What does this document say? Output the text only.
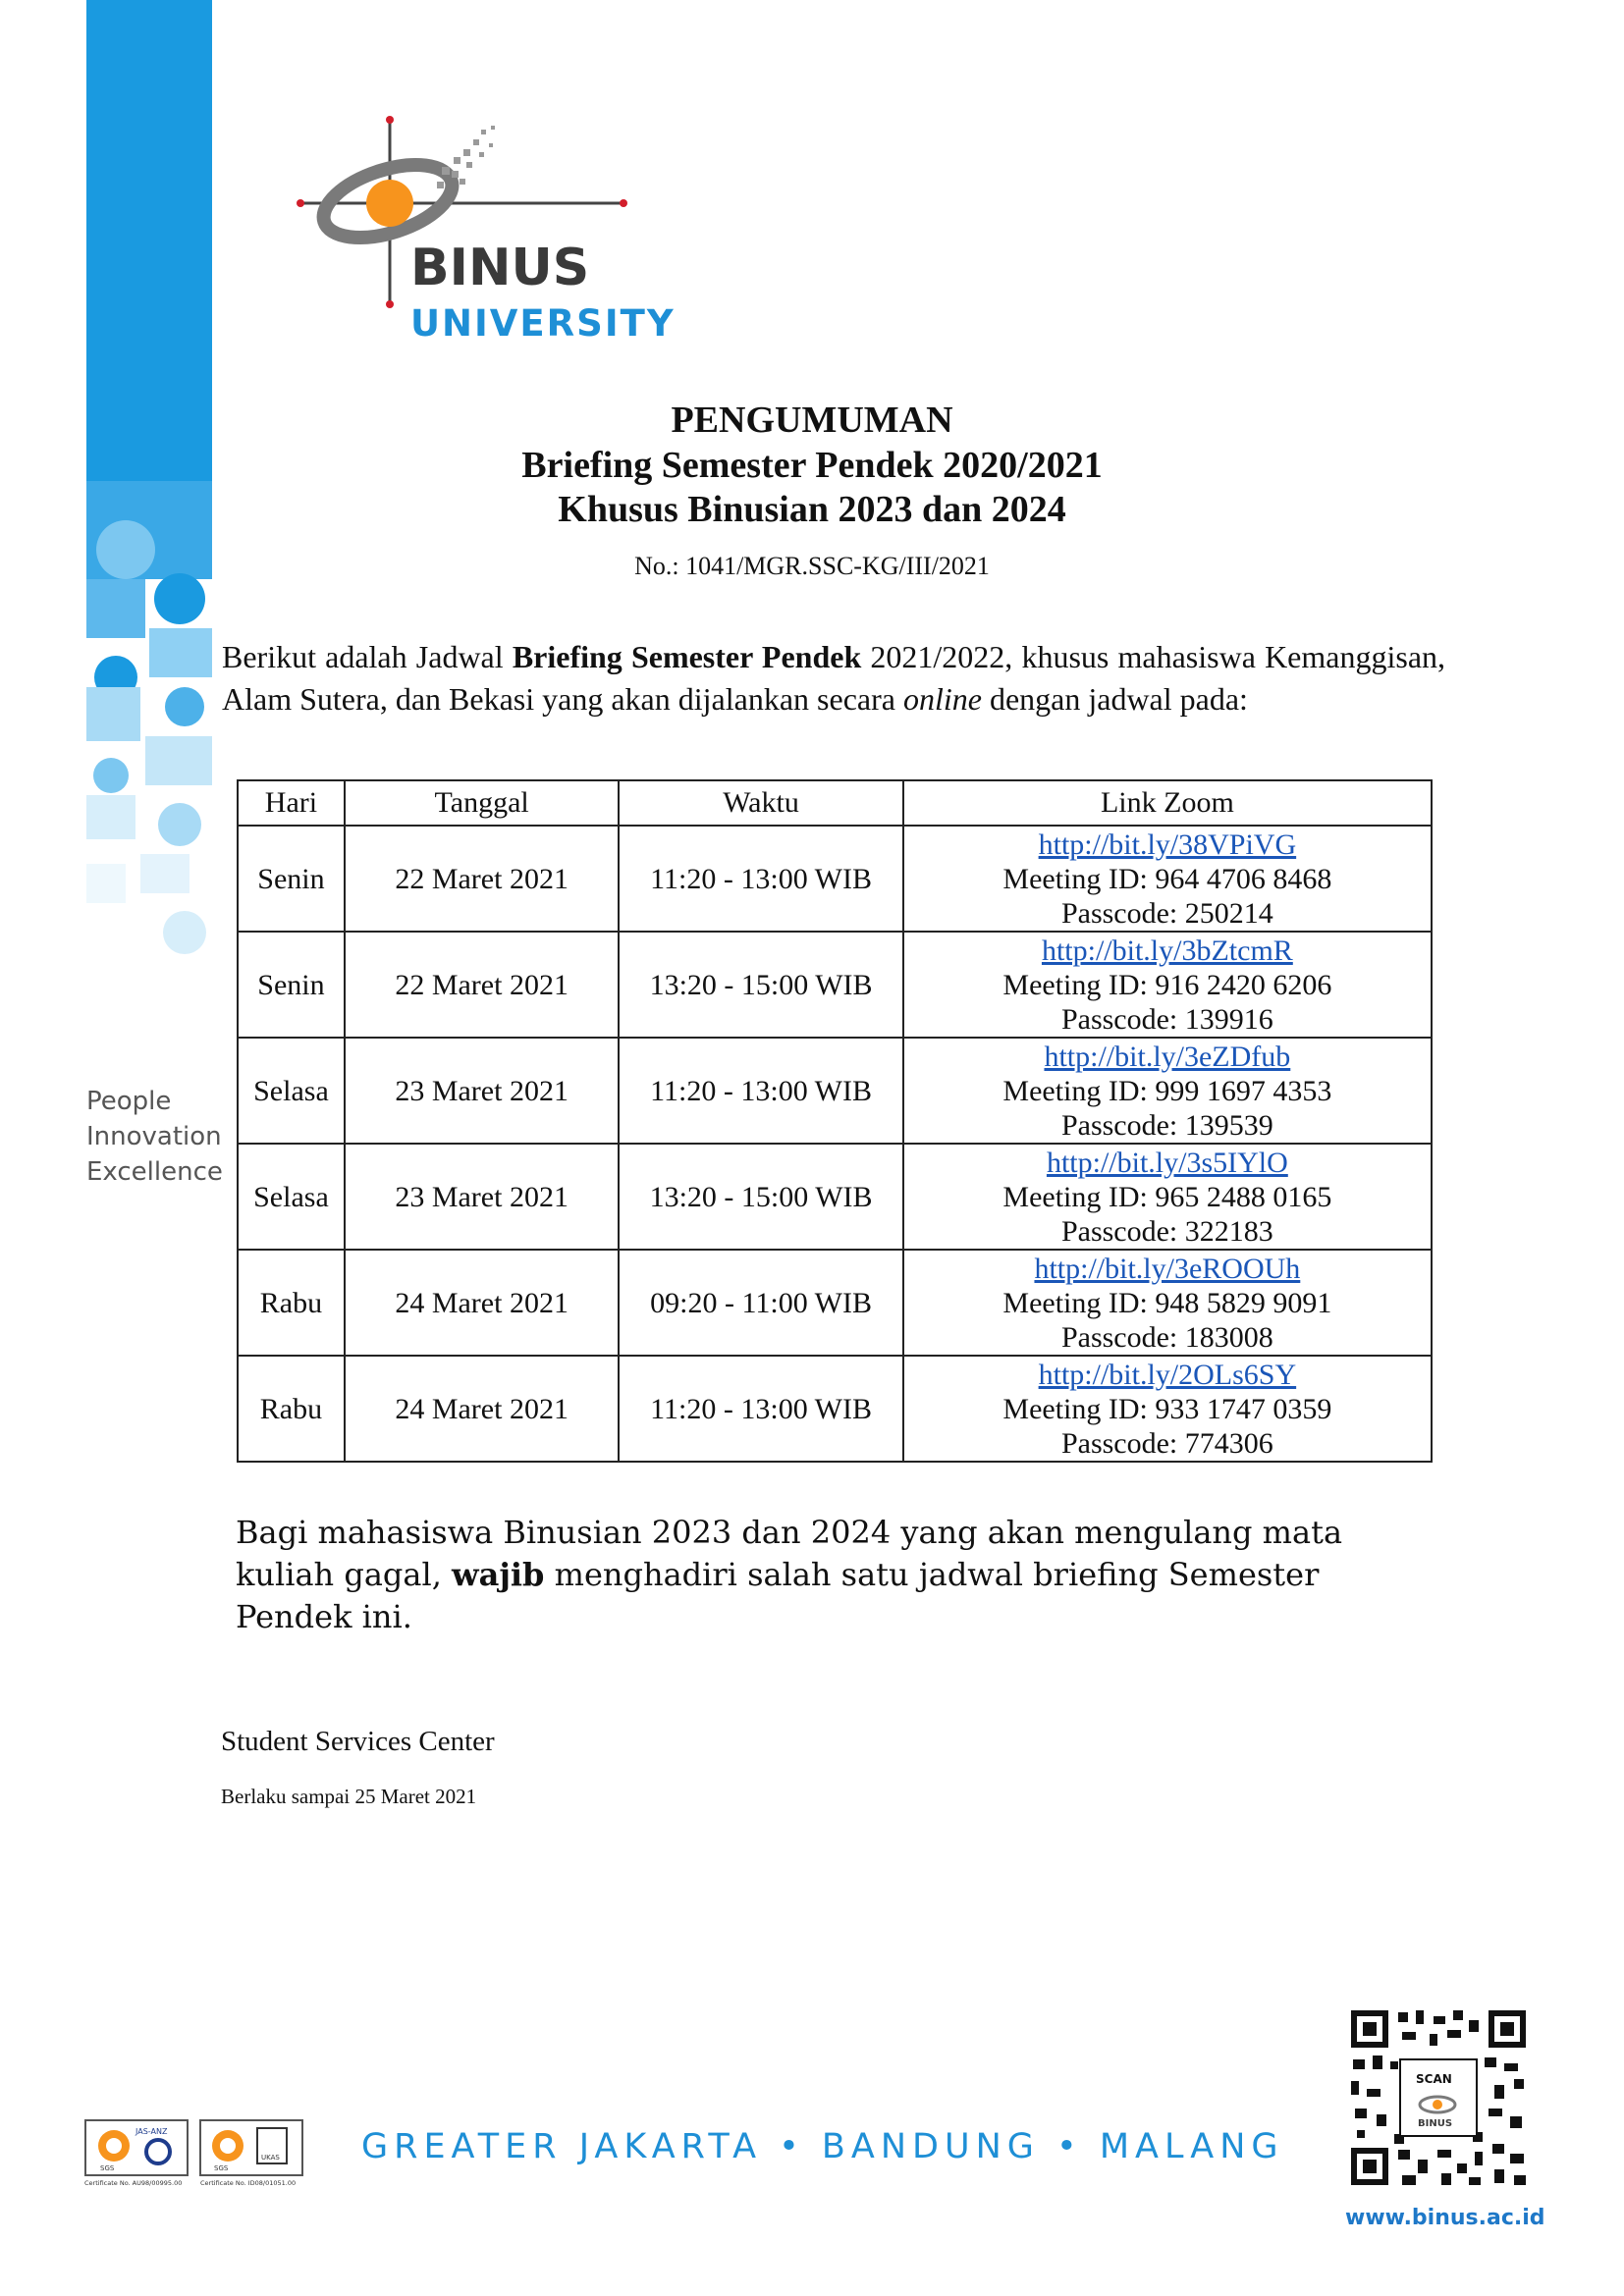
People
Innovation
Excellence
BINUS
UNIVERSITY
PENGUMUMAN
Briefing Semester Pendek 2020/2021
Khusus Binusian 2023 dan 2024
No.: 1041/MGR.SSC-KG/III/2021
Berikut adalah Jadwal Briefing Semester Pendek 2021/2022, khusus mahasiswa Kemanggisan, Alam Sutera, dan Bekasi yang akan dijalankan secara online dengan jadwal pada:
Hari	Tanggal	Waktu	Link Zoom
Senin	22 Maret 2021	11:20 - 13:00 WIB	http://bit.ly/38VPiVG
Meeting ID: 964 4706 8468
Passcode: 250214
Senin	22 Maret 2021	13:20 - 15:00 WIB	http://bit.ly/3bZtcmR
Meeting ID: 916 2420 6206
Passcode: 139916
Selasa	23 Maret 2021	11:20 - 13:00 WIB	http://bit.ly/3eZDfub
Meeting ID: 999 1697 4353
Passcode: 139539
Selasa	23 Maret 2021	13:20 - 15:00 WIB	http://bit.ly/3s5IYlO
Meeting ID: 965 2488 0165
Passcode: 322183
Rabu	24 Maret 2021	09:20 - 11:00 WIB	http://bit.ly/3eROOUh
Meeting ID: 948 5829 9091
Passcode: 183008
Rabu	24 Maret 2021	11:20 - 13:00 WIB	http://bit.ly/2OLs6SY
Meeting ID: 933 1747 0359
Passcode: 774306
Bagi mahasiswa Binusian 2023 dan 2024 yang akan mengulang mata kuliah gagal, wajib menghadiri salah satu jadwal briefing Semester Pendek ini.
Student Services Center
Berlaku sampai 25 Maret 2021
JAS-ANZ
SGS
UKAS
SGS
Certificate No. AU98/00995.00	Certificate No. ID08/01051.00
GREATER JAKARTA • BANDUNG • MALANG
SCAN
BINUS
www.binus.ac.id
